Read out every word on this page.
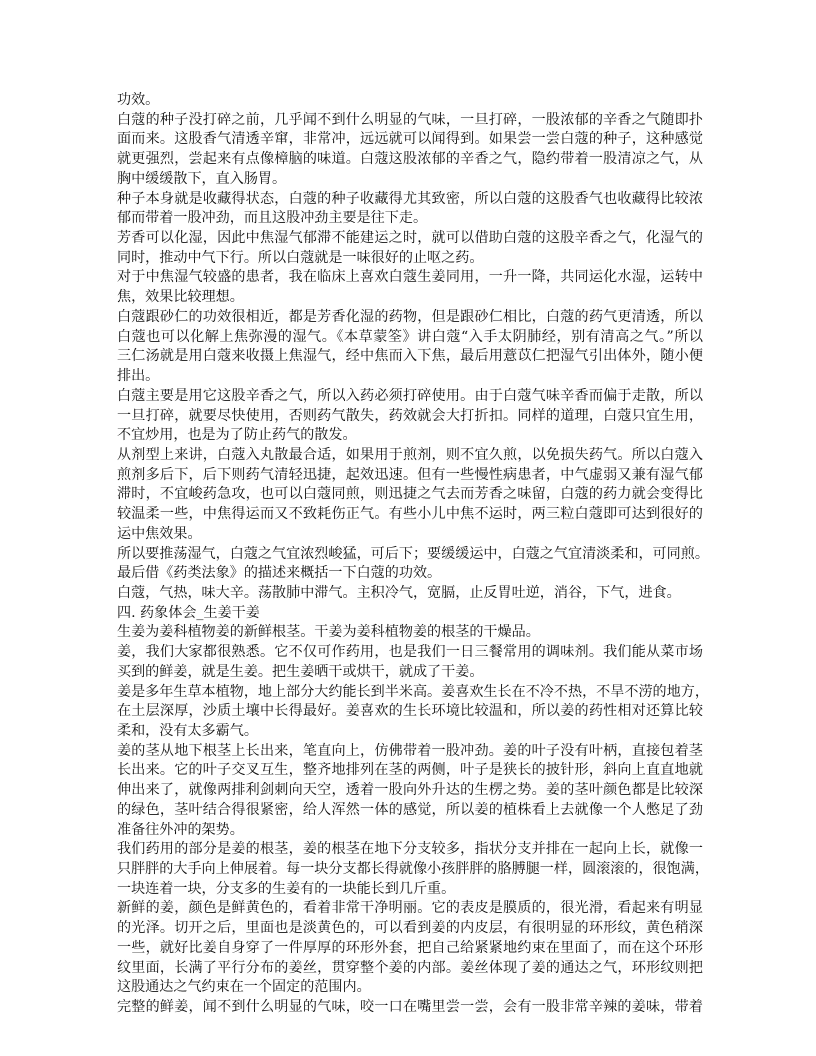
功效。
白蔻的种子没打碎之前，几乎闻不到什么明显的气味，一旦打碎，一股浓郁的辛香之气随即扑
面而来。这股香气清透辛窜，非常冲，远远就可以闻得到。如果尝一尝白蔻的种子，这种感觉
就更强烈，尝起来有点像樟脑的味道。白蔻这股浓郁的辛香之气，隐约带着一股清凉之气，从
胸中缓缓散下，直入肠胃。
种子本身就是收藏得状态，白蔻的种子收藏得尤其致密，所以白蔻的这股香气也收藏得比较浓
郁而带着一股冲劲，而且这股冲劲主要是往下走。
芳香可以化湿，因此中焦湿气郁滞不能建运之时，就可以借助白蔻的这股辛香之气，化湿气的
同时，推动中气下行。所以白蔻就是一味很好的止呕之药。
对于中焦湿气较盛的患者，我在临床上喜欢白蔻生姜同用，一升一降，共同运化水湿，运转中
焦，效果比较理想。
白蔻跟砂仁的功效很相近，都是芳香化湿的药物，但是跟砂仁相比，白蔻的药气更清透，所以
白蔻也可以化解上焦弥漫的湿气。《本草蒙筌》讲白蔻“入手太阴肺经，别有清高之气。”所以
三仁汤就是用白蔻来收摄上焦湿气，经中焦而入下焦，最后用薏苡仁把湿气引出体外，随小便
排出。
白蔻主要是用它这股辛香之气，所以入药必须打碎使用。由于白蔻气味辛香而偏于走散，所以
一旦打碎，就要尽快使用，否则药气散失，药效就会大打折扣。同样的道理，白蔻只宜生用，
不宜炒用，也是为了防止药气的散发。
从剂型上来讲，白蔻入丸散最合适，如果用于煎剂，则不宜久煎，以免损失药气。所以白蔻入
煎剂多后下，后下则药气清轻迅捷，起效迅速。但有一些慢性病患者，中气虚弱又兼有湿气郁
滞时，不宜峻药急攻，也可以白蔻同煎，则迅捷之气去而芳香之味留，白蔻的药力就会变得比
较温柔一些，中焦得运而又不致耗伤正气。有些小儿中焦不运时，两三粒白蔻即可达到很好的
运中焦效果。
所以要推荡湿气，白蔻之气宜浓烈峻猛，可后下；要缓缓运中，白蔻之气宜清淡柔和，可同煎。
最后借《药类法象》的描述来概括一下白蔻的功效。
白蔻，气热，味大辛。荡散肺中滞气。主积冷气，宽膈，止反胃吐逆，消谷，下气，进食。
四. 药象体会_生姜干姜
生姜为姜科植物姜的新鲜根茎。干姜为姜科植物姜的根茎的干燥品。
姜，我们大家都很熟悉。它不仅可作药用，也是我们一日三餐常用的调味剂。我们能从菜市场
买到的鲜姜，就是生姜。把生姜晒干或烘干，就成了干姜。
姜是多年生草本植物，地上部分大约能长到半米高。姜喜欢生长在不冷不热，不旱不涝的地方，
在土层深厚，沙质土壤中长得最好。姜喜欢的生长环境比较温和，所以姜的药性相对还算比较
柔和，没有太多霸气。
姜的茎从地下根茎上长出来，笔直向上，仿佛带着一股冲劲。姜的叶子没有叶柄，直接包着茎
长出来。它的叶子交叉互生，整齐地排列在茎的两侧，叶子是狭长的披针形，斜向上直直地就
伸出来了，就像两排利剑刺向天空，透着一股向外升达的生楞之势。姜的茎叶颜色都是比较深
的绿色，茎叶结合得很紧密，给人浑然一体的感觉，所以姜的植株看上去就像一个人憋足了劲
准备往外冲的架势。
我们药用的部分是姜的根茎，姜的根茎在地下分支较多，指状分支并排在一起向上长，就像一
只胖胖的大手向上伸展着。每一块分支都长得就像小孩胖胖的胳膊腿一样，圆滚滚的，很饱满，
一块连着一块，分支多的生姜有的一块能长到几斤重。
新鲜的姜，颜色是鲜黄色的，看着非常干净明丽。它的表皮是膜质的，很光滑，看起来有明显
的光泽。切开之后，里面也是淡黄色的，可以看到姜的内皮层，有很明显的环形纹，黄色稍深
一些，就好比姜自身穿了一件厚厚的环形外套，把自己给紧紧地约束在里面了，而在这个环形
纹里面，长满了平行分布的姜丝，贯穿整个姜的内部。姜丝体现了姜的通达之气，环形纹则把
这股通达之气约束在一个固定的范围内。
完整的鲜姜，闻不到什么明显的气味，咬一口在嘴里尝一尝，会有一股非常辛辣的姜味，带着
